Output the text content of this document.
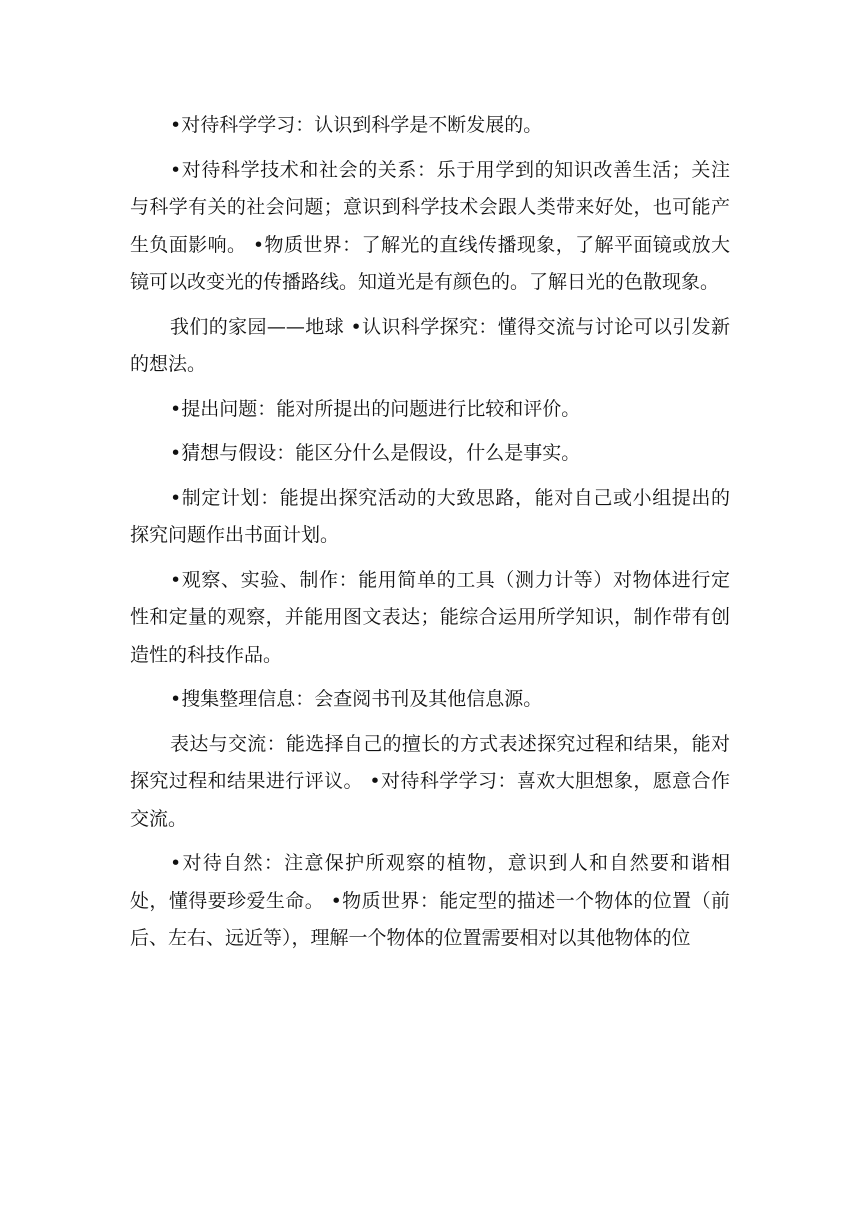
•对待科学学习：认识到科学是不断发展的。

•对待科学技术和社会的关系：乐于用学到的知识改善生活；关注与科学有关的社会问题；意识到科学技术会跟人类带来好处，也可能产生负面影响。 •物质世界：了解光的直线传播现象，了解平面镜或放大镜可以改变光的传播路线。知道光是有颜色的。了解日光的色散现象。

我们的家园——地球 •认识科学探究：懂得交流与讨论可以引发新的想法。

•提出问题：能对所提出的问题进行比较和评价。

•猜想与假设：能区分什么是假设，什么是事实。

•制定计划：能提出探究活动的大致思路，能对自己或小组提出的探究问题作出书面计划。

•观察、实验、制作：能用简单的工具（测力计等）对物体进行定性和定量的观察，并能用图文表达；能综合运用所学知识，制作带有创造性的科技作品。

•搜集整理信息：会查阅书刊及其他信息源。

表达与交流：能选择自己的擅长的方式表述探究过程和结果，能对探究过程和结果进行评议。 •对待科学学习：喜欢大胆想象，愿意合作交流。

•对待自然：注意保护所观察的植物，意识到人和自然要和谐相处，懂得要珍爱生命。 •物质世界：能定型的描述一个物体的位置（前后、左右、远近等），理解一个物体的位置需要相对以其他物体的位
